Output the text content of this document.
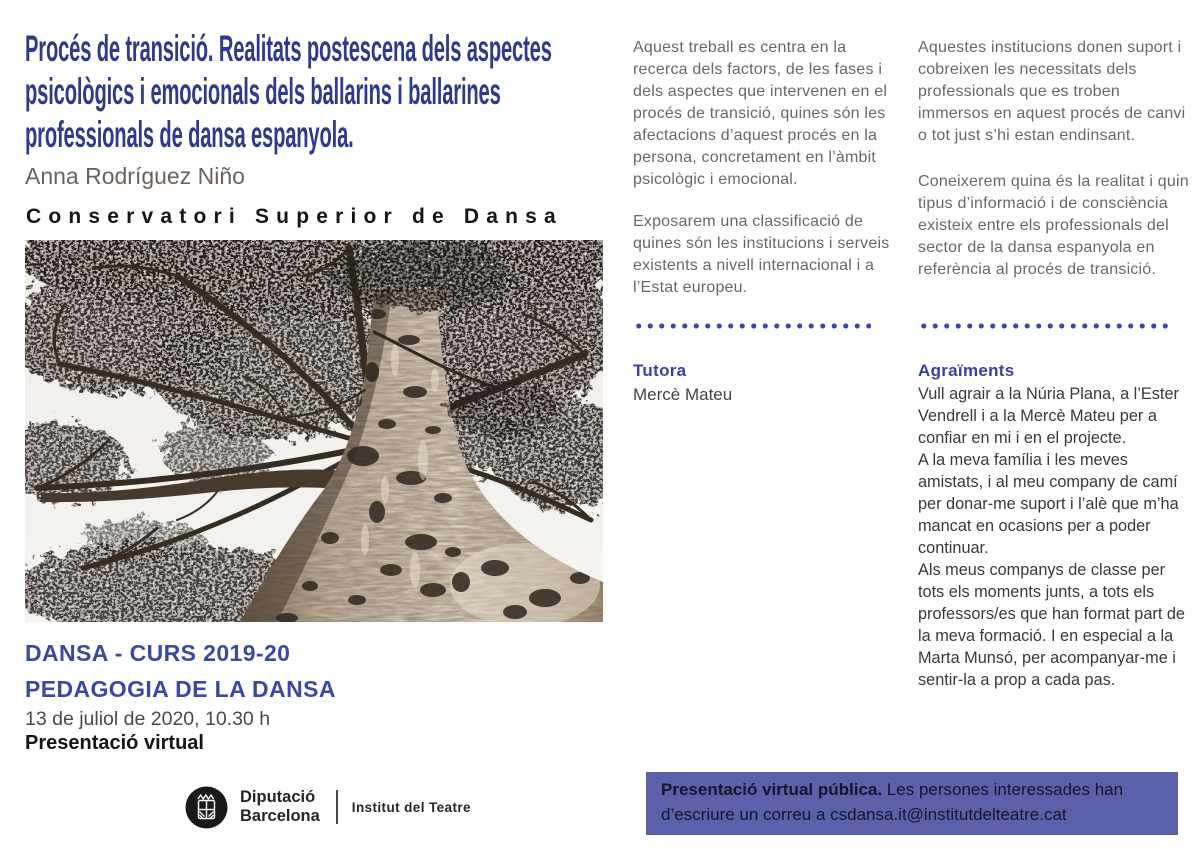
Procés de transició. Realitats postescena dels aspectes psicològics i emocionals dels ballarins i ballarines professionals de dansa espanyola.
Anna Rodríguez Niño
Conservatori Superior de Dansa
DANSA - CURS 2019-20
PEDAGOGIA DE LA DANSA
13 de juliol de 2020, 10.30 h
Presentació virtual

Aquest treball es centra en la recerca dels factors, de les fases i dels aspectes que intervenen en el procés de transició, quines són les afectacions d’aquest procés en la persona, concretament en l’àmbit psicològic i emocional.

Exposarem una classificació de quines són les institucions i serveis existents a nivell internacional i a l’Estat europeu.

Tutora
Mercè Mateu

Aquestes institucions donen suport i cobreixen les necessitats dels professionals que es troben immersos en aquest procés de canvi o tot just s’hi estan endinsant.

Coneixerem quina és la realitat i quin tipus d’informació i de consciència existeix entre els professionals del sector de la dansa espanyola en referència al procés de transició.

Agraïments

Vull agrair a la Núria Plana, a l’Ester Vendrell i a la Mercè Mateu per a confiar en mi i en el projecte.

A la meva família i les meves amistats, i al meu company de camí per donar-me suport i l’alè que m’ha mancat en ocasions per a poder continuar.

Als meus companys de classe per tots els moments junts, a tots els professors/es que han format part de la meva formació. I en especial a la Marta Munsó, per acompanyar-me i sentir-la a prop a cada pas.

Diputació
Barcelona Institut del Teatre
Presentació virtual pública. Les persones interessades han d’escriure un correu a csdansa.it@institutdelteatre.cat
